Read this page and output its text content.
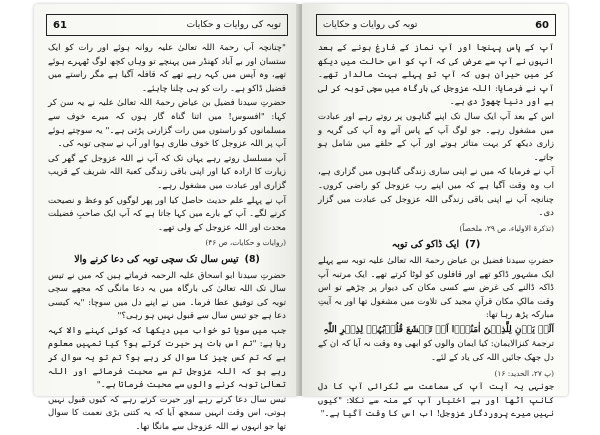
61	توبہ کی روایات و حکایات

"چنانچہ آپ رحمۃ اللہ تعالیٰ علیہ روانہ ہوئے اور رات کو ایک ستسان اور بے آباد کھنڈر میں پہنچے تو وہاں کچھ لوگ ٹھہرے ہوئے تھے، وہ آپس میں کہہ رہے تھے کہ قافلہ آگیا ہے مگر راستے میں فضیل ڈاکو ہے۔ رات کو ہی چلنا چاہئے۔

حضرتِ سیدنا فضیل بن عیاض رحمۃ اللہ تعالیٰ علیہ نے یہ سن کر کہا: "افسوس! میں اتنا گناہ گار ہوں کہ میرے خوف سے مسلمانوں کو راستوں میں رات گزارنی پڑتی ہے۔" یہ سوچتے ہوئے آپ پر اللہ عزوجل کا خوف طاری ہوا اور آپ نے سچی توبہ کی۔

آپ مسلسل روتے رہے یہاں تک کہ آپ نے اللہ عزوجل کے گھر کی زیارت کا ارادہ کیا اور اپنی باقی زندگی کعبۃ اللہ شریف کے قریب گزاری اور عبادت میں مشغول رہے۔

آپ نے پہلے علم حدیث حاصل کیا اور پھر لوگوں کو وعظ و نصیحت کرنے لگے۔ آپ کے بارے میں کہا جاتا ہے کہ آپ ایک صاحبِ فضیلت محدث اور اللہ عزوجل کے ولی تھے۔

(روایات و حکایات، ص ۴۶)

(8)
تیس سال تک سچی توبہ کی دعا کرنے والا

حضرتِ سیدنا ابو اسحاق علیہ الرحمہ فرماتے ہیں کہ میں نے تیس سال تک اللہ تعالیٰ کی بارگاہ میں یہ دعا مانگی کہ مجھے سچی توبہ کی توفیق عطا فرما۔ میں نے اپنے دل میں سوچا: "یہ کیسی دعا ہے جو تیس سال سے قبول نہیں ہو رہی؟"

جب میں سویا تو خواب میں دیکھا کہ کوئی کہنے والا کہہ رہا ہے: "تم اس بات پر حیرت کرتے ہو؟ کیا تمہیں معلوم ہے کہ تم کس چیز کا سوال کر رہے ہو؟ تم تو یہ سوال کر رہے ہو کہ اللہ عزوجل تم سے محبت فرمائے اور اللہ تعالیٰ توبہ کرنے والوں سے محبت فرماتا ہے۔"

تیس سال دعا کرتے رہے اور حیرت کرتے رہے کہ کیوں قبول نہیں ہوتی، اس وقت انہیں سمجھ آیا کہ یہ کتنی بڑی نعمت کا سوال تھا جو انہوں نے اللہ عزوجل سے مانگا تھا۔

توبہ کی روایات و حکایات	60

آپ کے پاس پہنچا اور آپ نماز کے فارغ ہونے کے بعد انہوں نے آپ سے عرض کی کہ آپ کو اس حالت میں دیکھ کر میں حیران ہوں کہ آپ تو پہلے بہت مالدار تھے۔ آپ نے فرمایا: اللہ عزوجل کی بارگاہ میں سچی توبہ کر لی ہے اور دنیا چھوڑ دی ہے۔

اس کے بعد آپ ایک سال تک اپنے گناہوں پر روتے رہے اور عبادت میں مشغول رہے۔ جو لوگ آپ کے پاس آتے وہ آپ کی گریہ و زاری دیکھ کر بہت متاثر ہوتے اور آپ کے حلقے میں شامل ہو جاتے۔

آپ نے فرمایا کہ میں نے اپنی ساری زندگی گناہوں میں گزاری ہے، اب وہ وقت آگیا ہے کہ میں اپنے رب عزوجل کو راضی کروں۔ چنانچہ آپ نے اپنی باقی زندگی اللہ عزوجل کی عبادت میں گزار دی۔

(تذکرۃ الاولیاء، ص ۲۹، ملخصاً)

(7)
ایک ڈاکو کی توبہ

حضرتِ سیدنا فضیل بن عیاض رحمۃ اللہ تعالیٰ علیہ توبہ سے پہلے ایک مشہور ڈاکو تھے اور قافلوں کو لوٹا کرتے تھے۔ ایک مرتبہ آپ ڈاکہ ڈالنے کی غرض سے کسی مکان کی دیوار پر چڑھے تو اس وقت مالکِ مکان قرآنِ مجید کی تلاوت میں مشغول تھا اور یہ آیتِ مبارکہ پڑھ رہا تھا:

اَلَمۡ یَاۡنِ لِلَّذِیۡنَ اٰمَنُوۡۤا اَنۡ تَخۡشَعَ قُلُوۡبُہُمۡ لِذِکۡرِ اللّٰہِ

ترجمۂ کنزالایمان: کیا ایمان والوں کو ابھی وہ وقت نہ آیا کہ ان کے دل جھک جائیں اللہ کی یاد کے لئے۔

(پ ۲۷، الحدید: ۱۶)

جونہی یہ آیت آپ کی سماعت سے ٹکرائی آپ کا دل کانپ اٹھا اور بے اختیار آپ کے منہ سے نکلا: "کیوں نہیں میرے پروردگار عزوجل! اب اس کا وقت آگیا ہے۔"
